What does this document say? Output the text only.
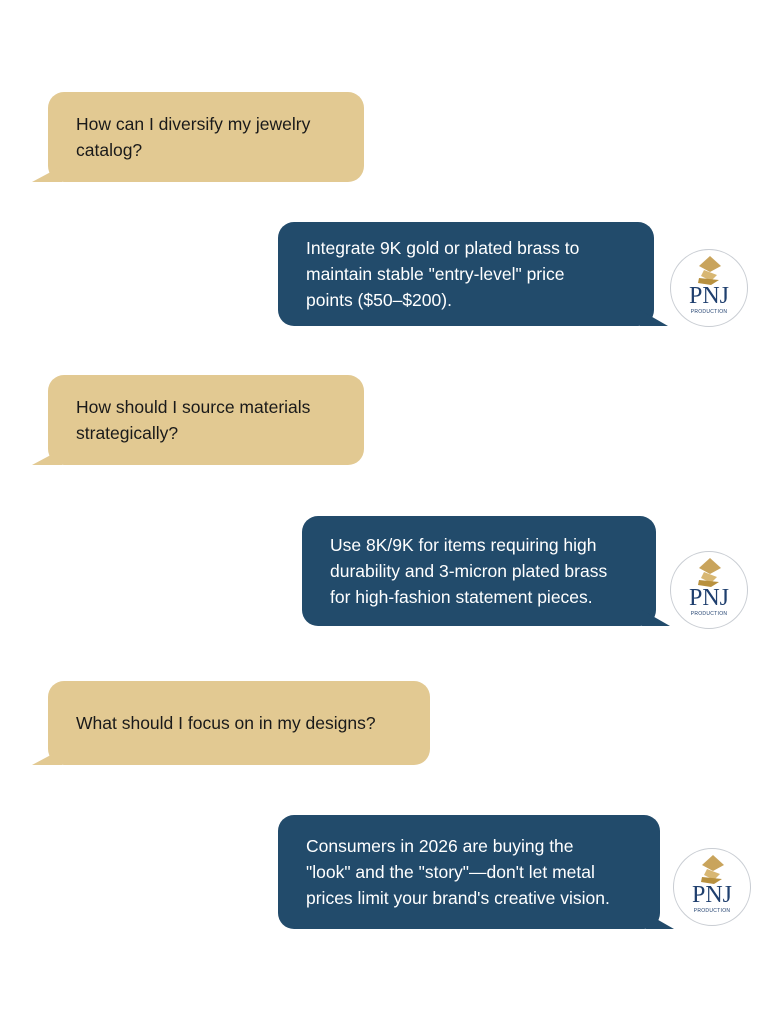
How can I diversify my jewelry
catalog?
Integrate 9K gold or plated brass to
maintain stable "entry-level" price
points ($50–$200).	PNJ
PRODUCTION
How should I source materials
strategically?
Use 8K/9K for items requiring high
durability and 3-micron plated brass
for high-fashion statement pieces.	PNJ
PRODUCTION
What should I focus on in my designs?
Consumers in 2026 are buying the
"look" and the "story"—don't let metal
prices limit your brand's creative vision.	PNJ
PRODUCTION
